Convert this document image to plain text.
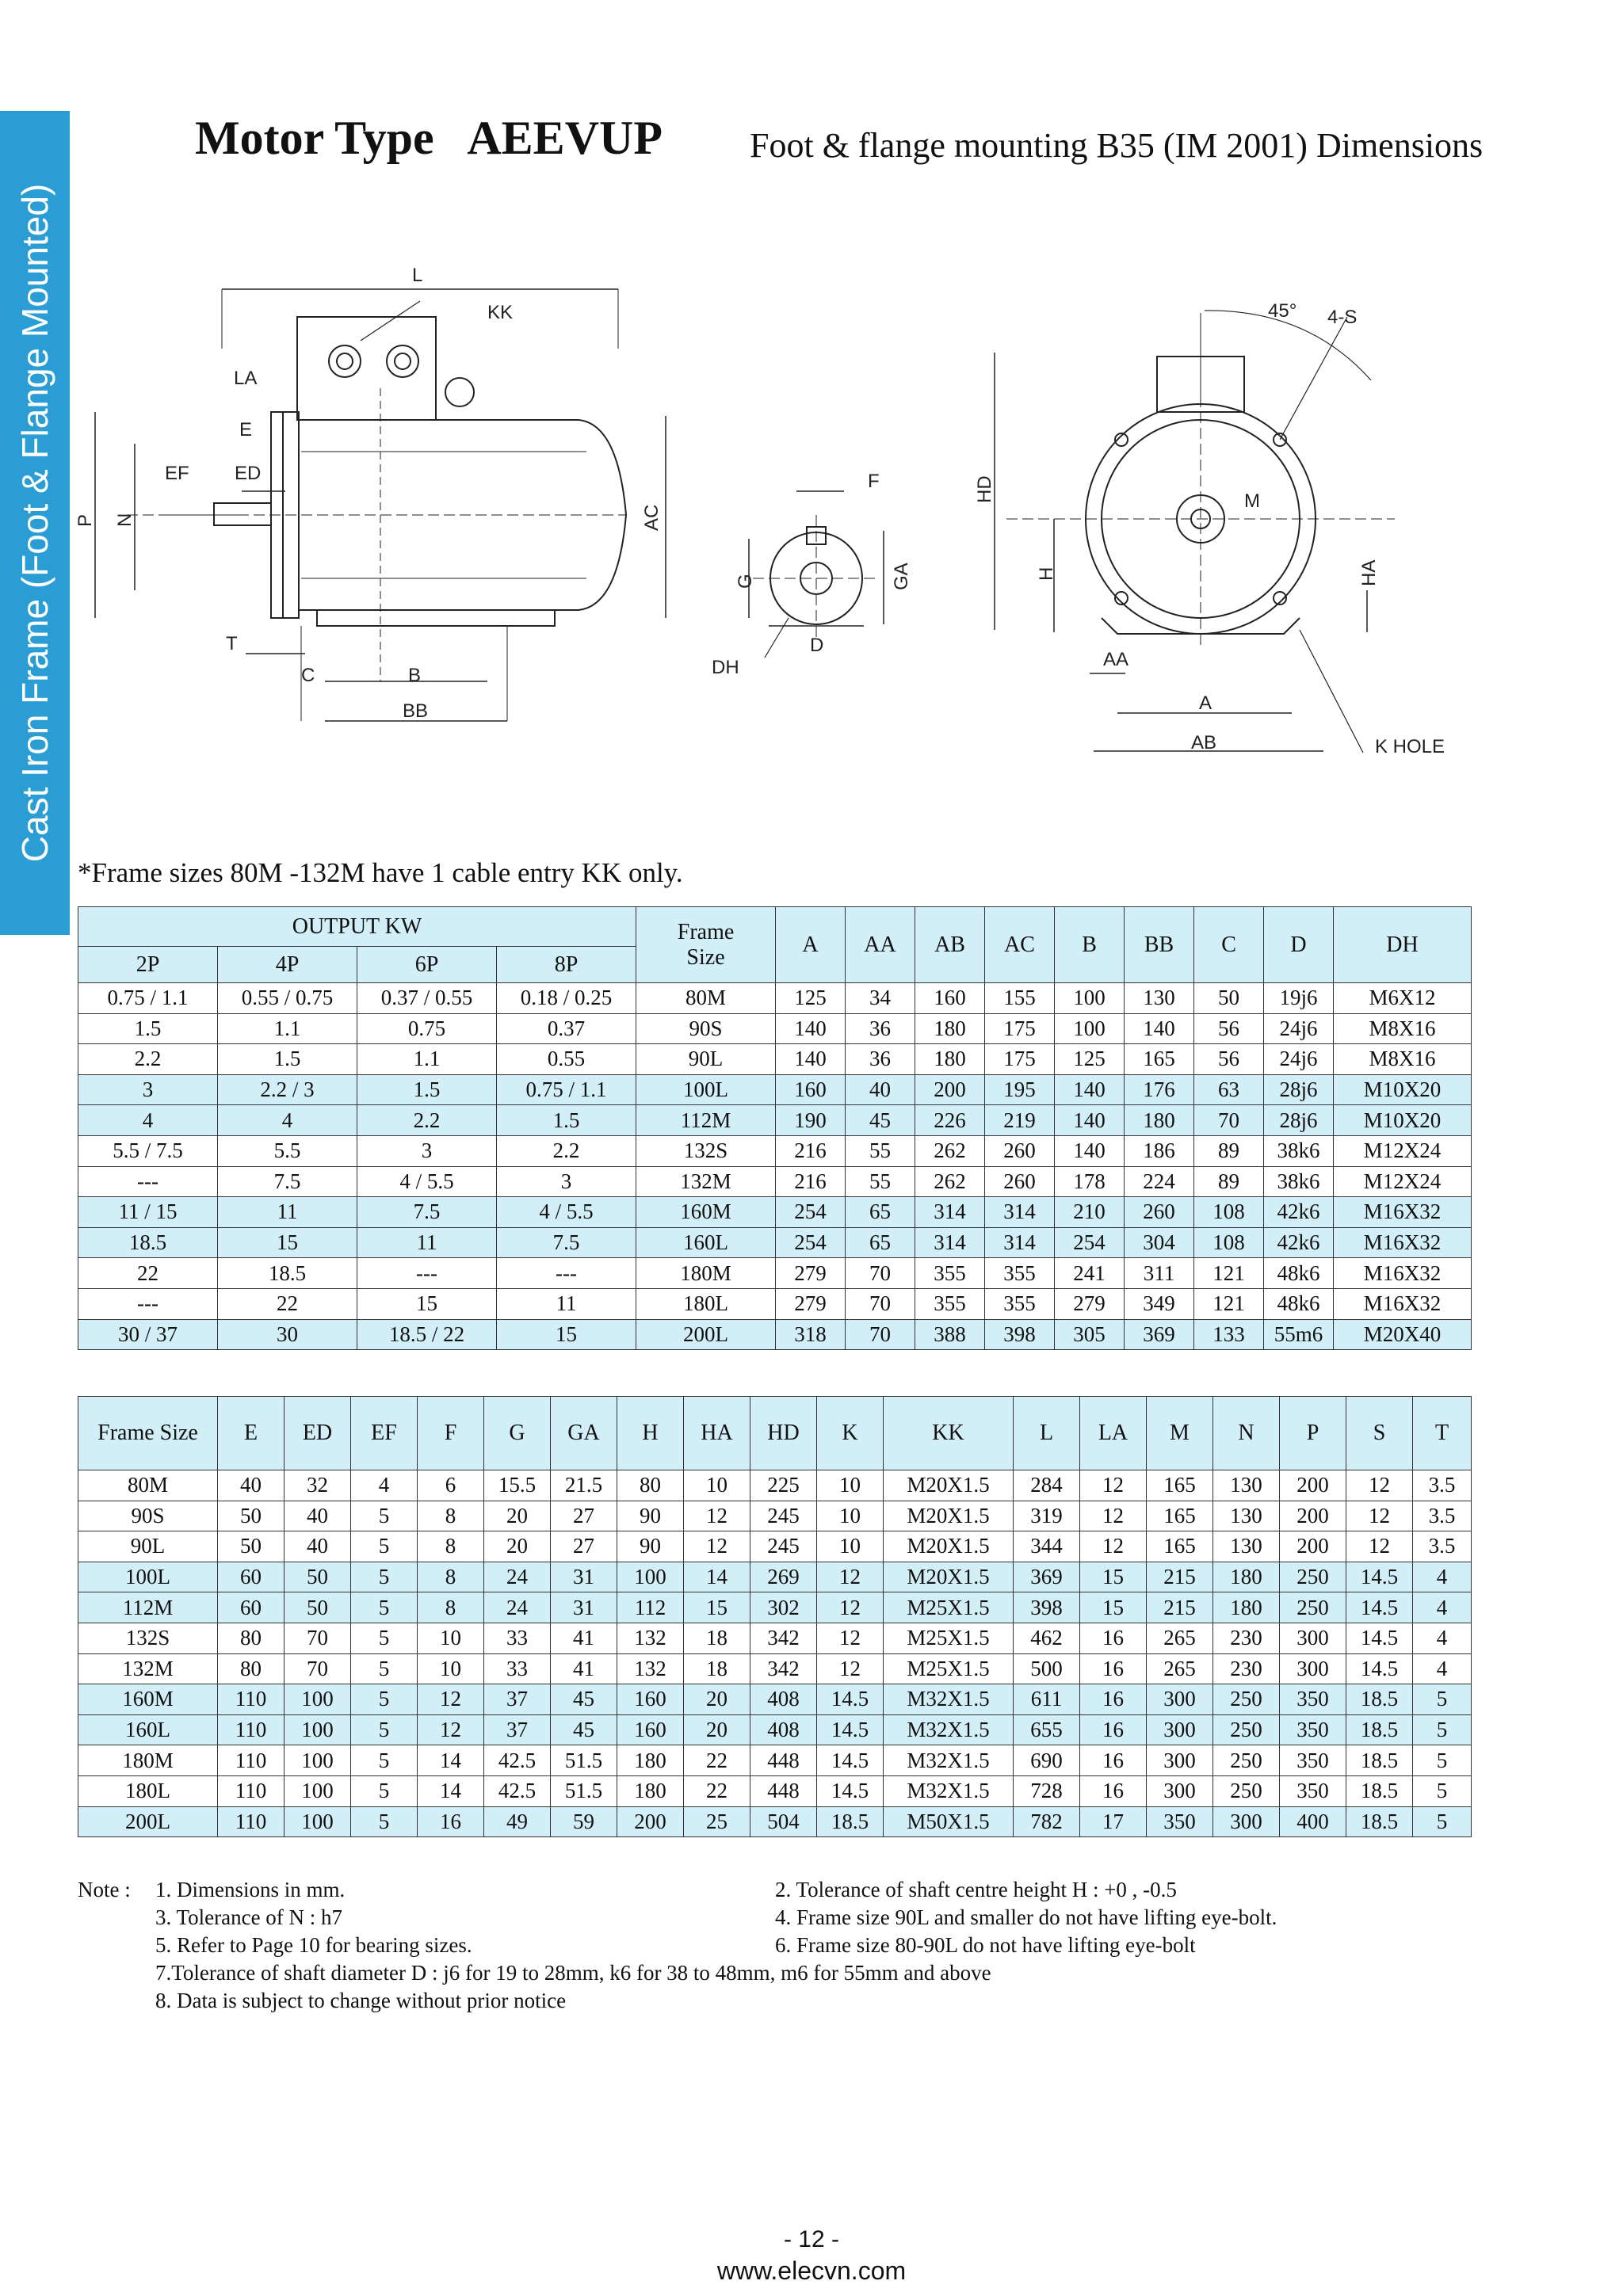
Cast Iron Frame (Foot & Flange Mounted)
Motor Type   AEEVUP Foot & flange mounting B35 (IM 2001) Dimensions
L
KK
LA
E
EF ED
P N	AC
T
C	B
BB
F
G	GA
D
DH
45° 4-S
HD	M
H	HA
AA
A
AB	K HOLE
*Frame sizes 80M -132M have 1 cable entry KK only.
OUTPUT KW				Frame
Size	A	AA	AB	AC	B	BB	C	D	DH
2P	4P	6P	8P										
0.75 / 1.1	0.55 / 0.75	0.37 / 0.55	0.18 / 0.25	80M	125	34	160	155	100	130	50	19j6	M6X12
1.5	1.1	0.75	0.37	90S	140	36	180	175	100	140	56	24j6	M8X16
2.2	1.5	1.1	0.55	90L	140	36	180	175	125	165	56	24j6	M8X16
3	2.2 / 3	1.5	0.75 / 1.1	100L	160	40	200	195	140	176	63	28j6	M10X20
4	4	2.2	1.5	112M	190	45	226	219	140	180	70	28j6	M10X20
5.5 / 7.5	5.5	3	2.2	132S	216	55	262	260	140	186	89	38k6	M12X24
---	7.5	4 / 5.5	3	132M	216	55	262	260	178	224	89	38k6	M12X24
11 / 15	11	7.5	4 / 5.5	160M	254	65	314	314	210	260	108	42k6	M16X32
18.5	15	11	7.5	160L	254	65	314	314	254	304	108	42k6	M16X32
22	18.5	---	---	180M	279	70	355	355	241	311	121	48k6	M16X32
---	22	15	11	180L	279	70	355	355	279	349	121	48k6	M16X32
30 / 37	30	18.5 / 22	15	200L	318	70	388	398	305	369	133	55m6	M20X40
Frame Size	E	ED	EF	F	G	GA	H	HA	HD	K	KK	L	LA	M	N	P	S	T
80M	40	32	4	6	15.5	21.5	80	10	225	10	M20X1.5	284	12	165	130	200	12	3.5
90S	50	40	5	8	20	27	90	12	245	10	M20X1.5	319	12	165	130	200	12	3.5
90L	50	40	5	8	20	27	90	12	245	10	M20X1.5	344	12	165	130	200	12	3.5
100L	60	50	5	8	24	31	100	14	269	12	M20X1.5	369	15	215	180	250	14.5	4
112M	60	50	5	8	24	31	112	15	302	12	M25X1.5	398	15	215	180	250	14.5	4
132S	80	70	5	10	33	41	132	18	342	12	M25X1.5	462	16	265	230	300	14.5	4
132M	80	70	5	10	33	41	132	18	342	12	M25X1.5	500	16	265	230	300	14.5	4
160M	110	100	5	12	37	45	160	20	408	14.5	M32X1.5	611	16	300	250	350	18.5	5
160L	110	100	5	12	37	45	160	20	408	14.5	M32X1.5	655	16	300	250	350	18.5	5
180M	110	100	5	14	42.5	51.5	180	22	448	14.5	M32X1.5	690	16	300	250	350	18.5	5
180L	110	100	5	14	42.5	51.5	180	22	448	14.5	M32X1.5	728	16	300	250	350	18.5	5
200L	110	100	5	16	49	59	200	25	504	18.5	M50X1.5	782	17	350	300	400	18.5	5
Note : 1. Dimensions in mm.
3. Tolerance of N : h7
5. Refer to Page 10 for bearing sizes.
7.Tolerance of shaft diameter D : j6 for 19 to 28mm, k6 for 38 to 48mm, m6 for 55mm and above
8. Data is subject to change without prior notice
2. Tolerance of shaft centre height H : +0 , -0.5
4. Frame size 90L and smaller do not have lifting eye-bolt.
6. Frame size 80-90L do not have lifting eye-bolt
- 12 -
www.elecvn.com
